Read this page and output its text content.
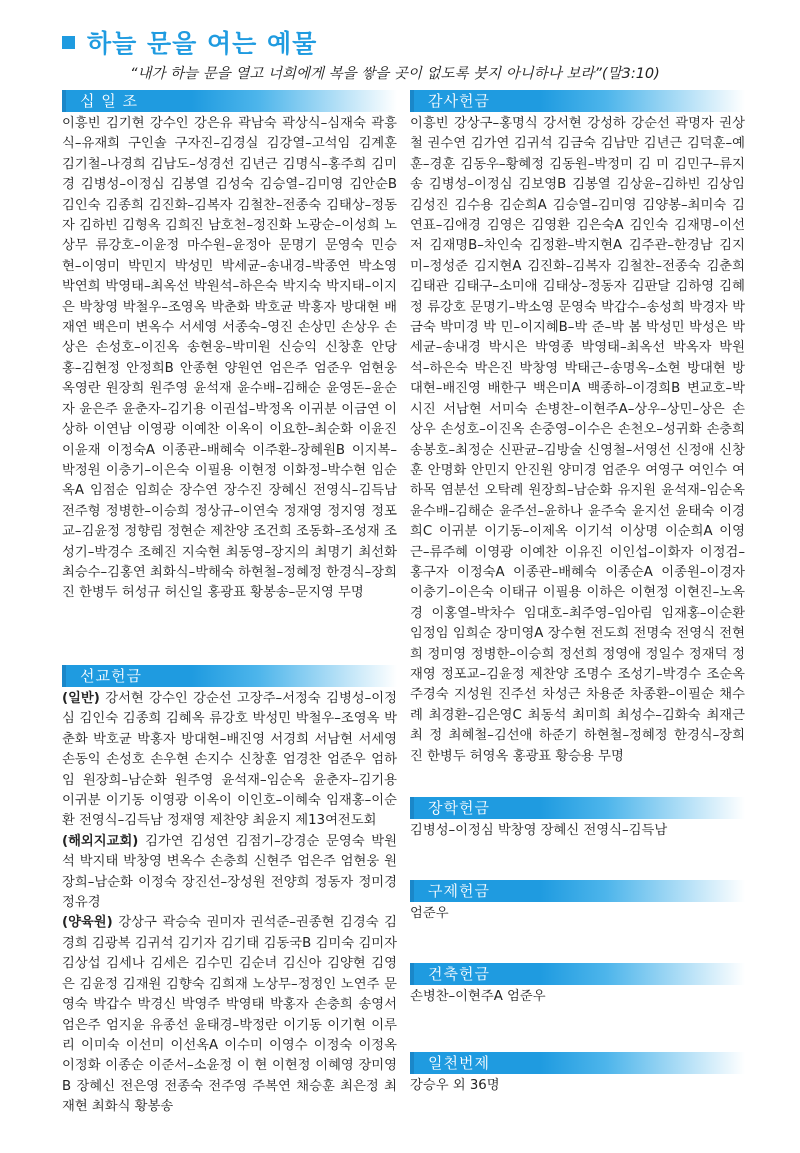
하늘 문을 여는 예물
“내가 하늘 문을 열고 너희에게 복을 쌓을 곳이 없도록 붓지 아니하나 보라”(말3:10)
십 일 조
이흥빈 김기현 강수인 강은유 곽남숙 곽상식–심재숙 곽흥식–유재희 구인솔 구자진–김경실 김강열–고석임 김계훈 김기철–나경희 김남도–성경선 김년근 김명식–홍주희 김미경 김병성–이정심 김봉열 김성숙 김승열–김미영 김안순B 김인숙 김종희 김진화–김복자 김철찬–전종숙 김태상–정동자 김하빈 김형옥 김희진 남호천–정진화 노광순–이성희 노상무 류강호–이윤정 마수원–윤정아 문명기 문영숙 민승현–이영미 박민지 박성민 박세균–송내경–박종연 박소영 박연희 박영태–최옥선 박원석–하은숙 박지숙 박지태–이지은 박창영 박철우–조영옥 박춘화 박호균 박홍자 방대현 배재연 백은미 변옥수 서세영 서종숙–영진 손상민 손상우 손상은 손성호–이진옥 송현웅–박미원 신승익 신창훈 안당홍–김현정 안정희B 안종현 양원연 엄은주 엄준우 엄현웅 옥영란 원장희 원주영 윤석재 윤수배–김해순 윤영돈–윤순자 윤은주 윤춘자–김기용 이권섭–박정옥 이귀분 이금연 이상하 이연남 이영광 이예찬 이옥이 이요한–최순화 이윤진 이윤재 이정숙A 이종관–배혜숙 이주환–장혜원B 이지복–박정원 이충기–이은숙 이필용 이현정 이화정–박수현 임순옥A 임점순 임희순 장수연 장수진 장혜신 전영식–김득남 전주형 정병한–이승희 정상규–이연숙 정재영 정지영 정포교–김윤정 정향림 정현순 제찬양 조건희 조동화–조성재 조성기–박경수 조혜진 지숙현 최동영–장지의 최명기 최선화 최승수–김홍연 최화식–박해숙 하현철–정혜정 한경식–장희진 한병두 허성규 허신일 홍광표 황봉송–문지영 무명
선교헌금
(일반) 강서현 강수인 강순선 고장주–서정숙 김병성–이정심 김인숙 김종희 김혜옥 류강호 박성민 박철우–조영옥 박춘화 박호균 박홍자 방대현–배진영 서경희 서남현 서세영 손동익 손성호 손우현 손지수 신창훈 엄경찬 엄준우 엄하임 원장희–남순화 원주영 윤석재–임순옥 윤춘자–김기용 이귀분 이기동 이영광 이옥이 이인호–이혜숙 임재홍–이순환 전영식–김득남 정재영 제찬양 최윤지 제13여전도회
(해외지교회) 김가연 김성연 김점기–강경순 문영숙 박원석 박지태 박창영 변옥수 손충희 신현주 엄은주 엄현웅 원장희–남순화 이정숙 장진선–장성원 전양희 정동자 정미경 정유경
(양육원) 강상구 곽승숙 권미자 권석준–권종현 김경숙 김경희 김광복 김귀석 김기자 김기태 김동국B 김미숙 김미자 김상섭 김세나 김세은 김수민 김순녀 김신아 김양현 김영은 김윤정 김재원 김향숙 김희재 노상무–정정인 노연주 문영숙 박갑수 박경신 박영주 박영태 박홍자 손충희 송영서 엄은주 엄지윤 유종선 윤태경–박정란 이기동 이기현 이루리 이미숙 이선미 이선옥A 이수미 이영수 이정숙 이정옥 이정화 이종순 이준서–소윤정 이 현 이현정 이혜영 장미영B 장혜신 전은영 전종숙 전주영 주복연 채승훈 최은정 최재현 최화식 황봉송
감사헌금
이흥빈 강상구–홍명식 강서현 강성하 강순선 곽명자 권상철 권수연 김가연 김귀석 김금숙 김남만 김년근 김덕훈–예훈–경훈 김동우–황혜정 김동원–박정미 김 미 김민구–류지송 김병성–이정심 김보영B 김봉열 김상윤–김하빈 김상임 김성진 김수용 김순희A 김승열–김미영 김양봉–최미숙 김연표–김애경 김영은 김영환 김은숙A 김인숙 김재명–이선저 김재명B–차인숙 김정환–박지현A 김주관–한경남 김지미–정성준 김지현A 김진화–김복자 김철찬–전종숙 김춘희 김태관 김태구–소미애 김태상–정동자 김판달 김하영 김혜정 류강호 문명기–박소영 문영숙 박갑수–송성희 박경자 박금숙 박미경 박 민–이지혜B–박 준–박 봄 박성민 박성은 박세균–송내경 박시은 박영종 박영태–최옥선 박옥자 박원석–하은숙 박은진 박창영 박태근–송명옥–소현 방대현 방대현–배진영 배한구 백은미A 백종하–이경희B 변교호–박시진 서남현 서미숙 손병찬–이현주A–상우–상민–상은 손상우 손성호–이진옥 손중영–이수은 손천오–성귀화 손충희 송봉호–최정순 신판균–김방술 신영철–서영선 신정애 신창훈 안명화 안민지 안진원 양미경 엄준우 여영구 여인수 여하목 염분선 오탁례 원장희–남순화 유지원 윤석재–임순옥 윤수배–김해순 윤주선–윤하나 윤주숙 윤지선 윤태숙 이경희C 이귀분 이기동–이제옥 이기석 이상명 이순희A 이영근–류주혜 이영광 이예찬 이유진 이인섭–이화자 이정검–홍구자 이정숙A 이종관–배혜숙 이종순A 이종원–이경자 이충기–이은숙 이태규 이필용 이하은 이현정 이현진–노옥경 이홍열–박차수 임대호–최주영–임아림 임재홍–이순환 임정임 임희순 장미영A 장수현 전도희 전명숙 전영식 전현희 정미영 정병한–이승희 정선희 정영애 정일수 정재덕 정재영 정포교–김윤정 제찬양 조명수 조성기–박경수 조순옥 주경숙 지성원 진주선 차성근 차용준 차종환–이필순 채수례 최경환–김은영C 최동석 최미희 최성수–김화숙 최재근 최 정 최혜철–김선애 하준기 하현철–정혜정 한경식–장희진 한병두 허영옥 홍광표 황승용 무명
장학헌금
김병성–이정심 박창영 장혜신 전영식–김득남
구제헌금
엄준우
건축헌금
손병찬–이현주A 엄준우
일천번제
강승우 외 36명
